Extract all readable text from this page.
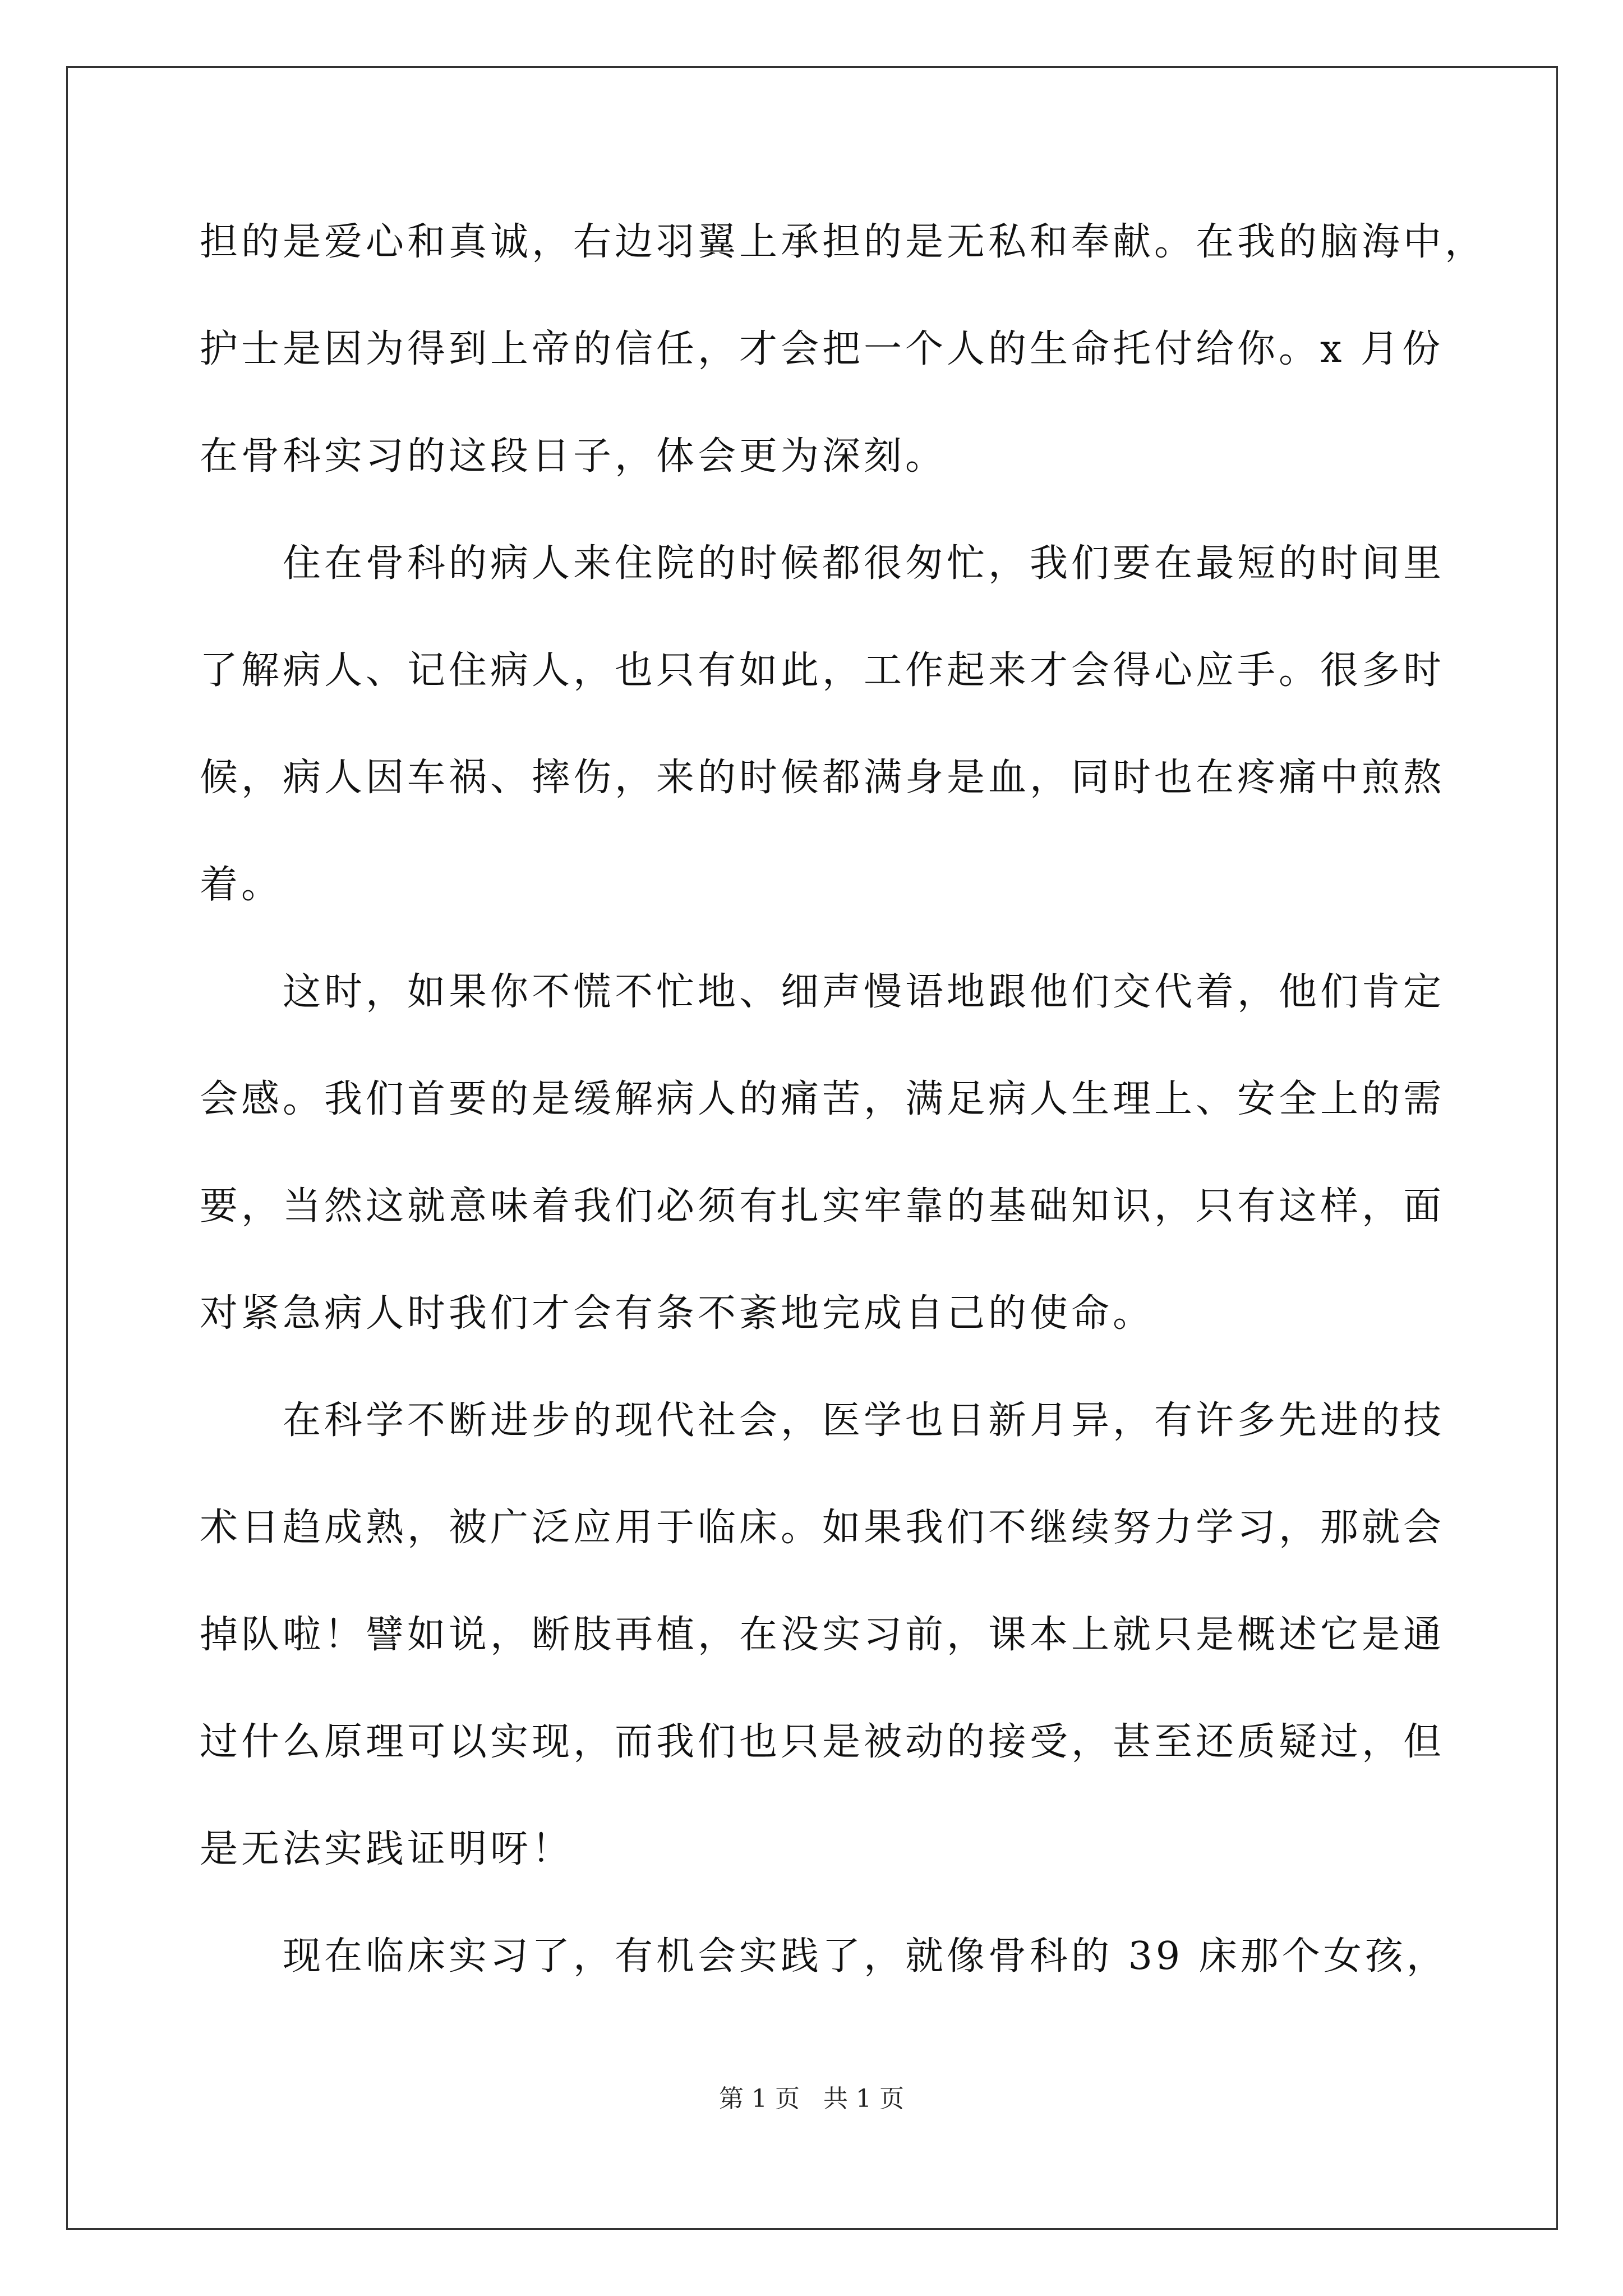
担的是爱心和真诚，右边羽翼上承担的是无私和奉献。在我的脑海中，
护士是因为得到上帝的信任，才会把一个人的生命托付给你。x 月份
在骨科实习的这段日子，体会更为深刻。
住在骨科的病人来住院的时候都很匆忙，我们要在最短的时间里
了解病人、记住病人，也只有如此，工作起来才会得心应手。很多时
候，病人因车祸、摔伤，来的时候都满身是血，同时也在疼痛中煎熬
着。
这时，如果你不慌不忙地、细声慢语地跟他们交代着，他们肯定
会感。我们首要的是缓解病人的痛苦，满足病人生理上、安全上的需
要，当然这就意味着我们必须有扎实牢靠的基础知识，只有这样，面
对紧急病人时我们才会有条不紊地完成自己的使命。
在科学不断进步的现代社会，医学也日新月异，有许多先进的技
术日趋成熟，被广泛应用于临床。如果我们不继续努力学习，那就会
掉队啦！譬如说，断肢再植，在没实习前，课本上就只是概述它是通
过什么原理可以实现，而我们也只是被动的接受，甚至还质疑过，但
是无法实践证明呀！
现在临床实习了，有机会实践了，就像骨科的 39 床那个女孩，
第 1 页   共 1 页
